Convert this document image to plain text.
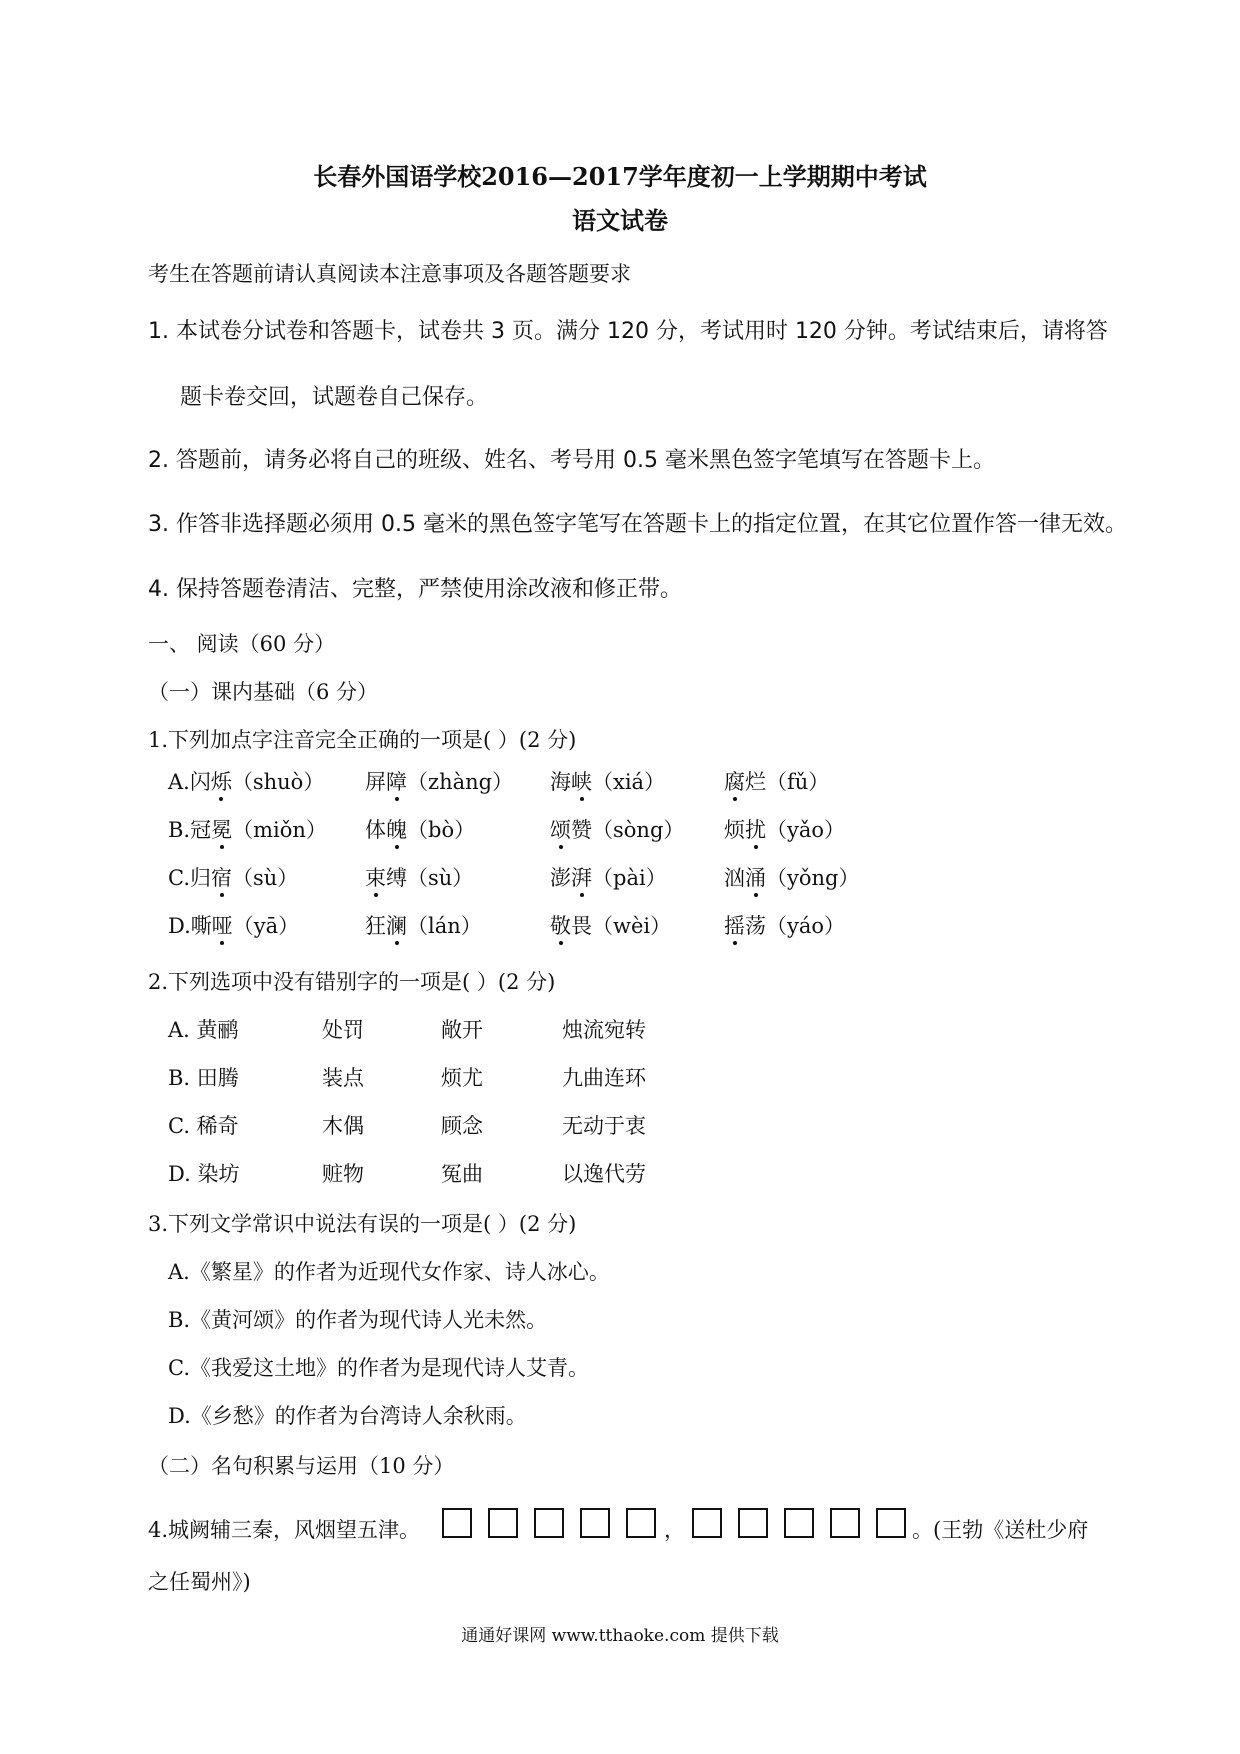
长春外国语学校2016—2017学年度初一上学期期中考试
语文试卷
考生在答题前请认真阅读本注意事项及各题答题要求
1. 本试卷分试卷和答题卡，试卷共 3 页。满分 120 分，考试用时 120 分钟。考试结束后，请将答
题卡卷交回，试题卷自己保存。
2. 答题前，请务必将自己的班级、姓名、考号用 0.5 毫米黑色签字笔填写在答题卡上。
3. 作答非选择题必须用 0.5 毫米的黑色签字笔写在答题卡上的指定位置，在其它位置作答一律无效。
4. 保持答题卷清洁、完整，严禁使用涂改液和修正带。
一、 阅读（60 分）
（一）课内基础（6 分）
1.下列加点字注音完全正确的一项是( ）(2 分)
A.闪烁（shuò） 屏障（zhàng） 海峡（xiá）	腐烂（fǔ）
B.冠冕（miǒn） 体魄（bò）	颂赞（sòng） 烦扰（yǎo）
C.归宿（sù）	束缚（sù）	澎湃（pài）	汹涌（yǒng）
D.嘶哑（yā）	狂澜（lán）	敬畏（wèi）	摇荡（yáo）
2.下列选项中没有错别字的一项是( ）(2 分)
A. 黄鹂	处罚	敞开	烛流宛转
B. 田腾	装点	烦尤	九曲连环
C. 稀奇	木偶	顾念	无动于衷
D. 染坊	赃物	冤曲	以逸代劳
3.下列文学常识中说法有误的一项是( ）(2 分)
A.《繁星》的作者为近现代女作家、诗人冰心。
B.《黄河颂》的作者为现代诗人光未然。
C.《我爱这土地》的作者为是现代诗人艾青。
D.《乡愁》的作者为台湾诗人余秋雨。
（二）名句积累与运用（10 分）
4.城阙辅三秦，风烟望五津。	，	。(王勃《送杜少府
之任蜀州》)
通通好课网 www.tthaoke.com 提供下载
